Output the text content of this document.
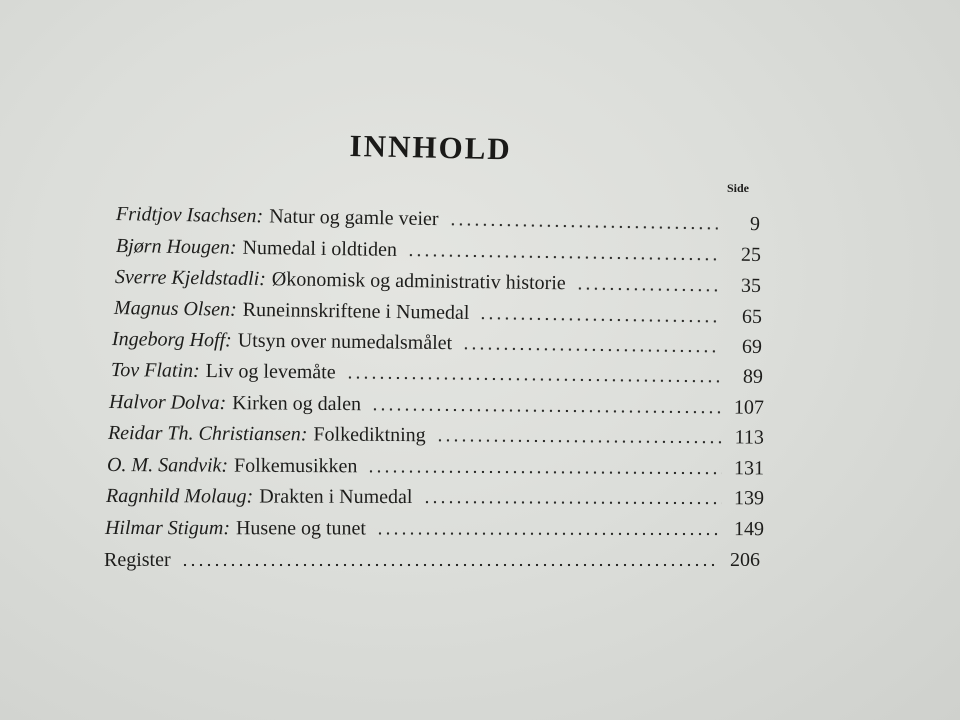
INNHOLD
Side
Fridtjov Isachsen: Natur og gamle veier	9
Bjørn Hougen: Numedal i oldtiden	25
Sverre Kjeldstadli: Økonomisk og administrativ historie	35
Magnus Olsen: Runeinnskriftene i Numedal	65
Ingeborg Hoff: Utsyn over numedalsmålet	69
Tov Flatin: Liv og levemåte	89
Halvor Dolva: Kirken og dalen	107
Reidar Th. Christiansen: Folkediktning	113
O. M. Sandvik: Folkemusikken	131
Ragnhild Molaug: Drakten i Numedal	139
Hilmar Stigum: Husene og tunet	149
Register	206
